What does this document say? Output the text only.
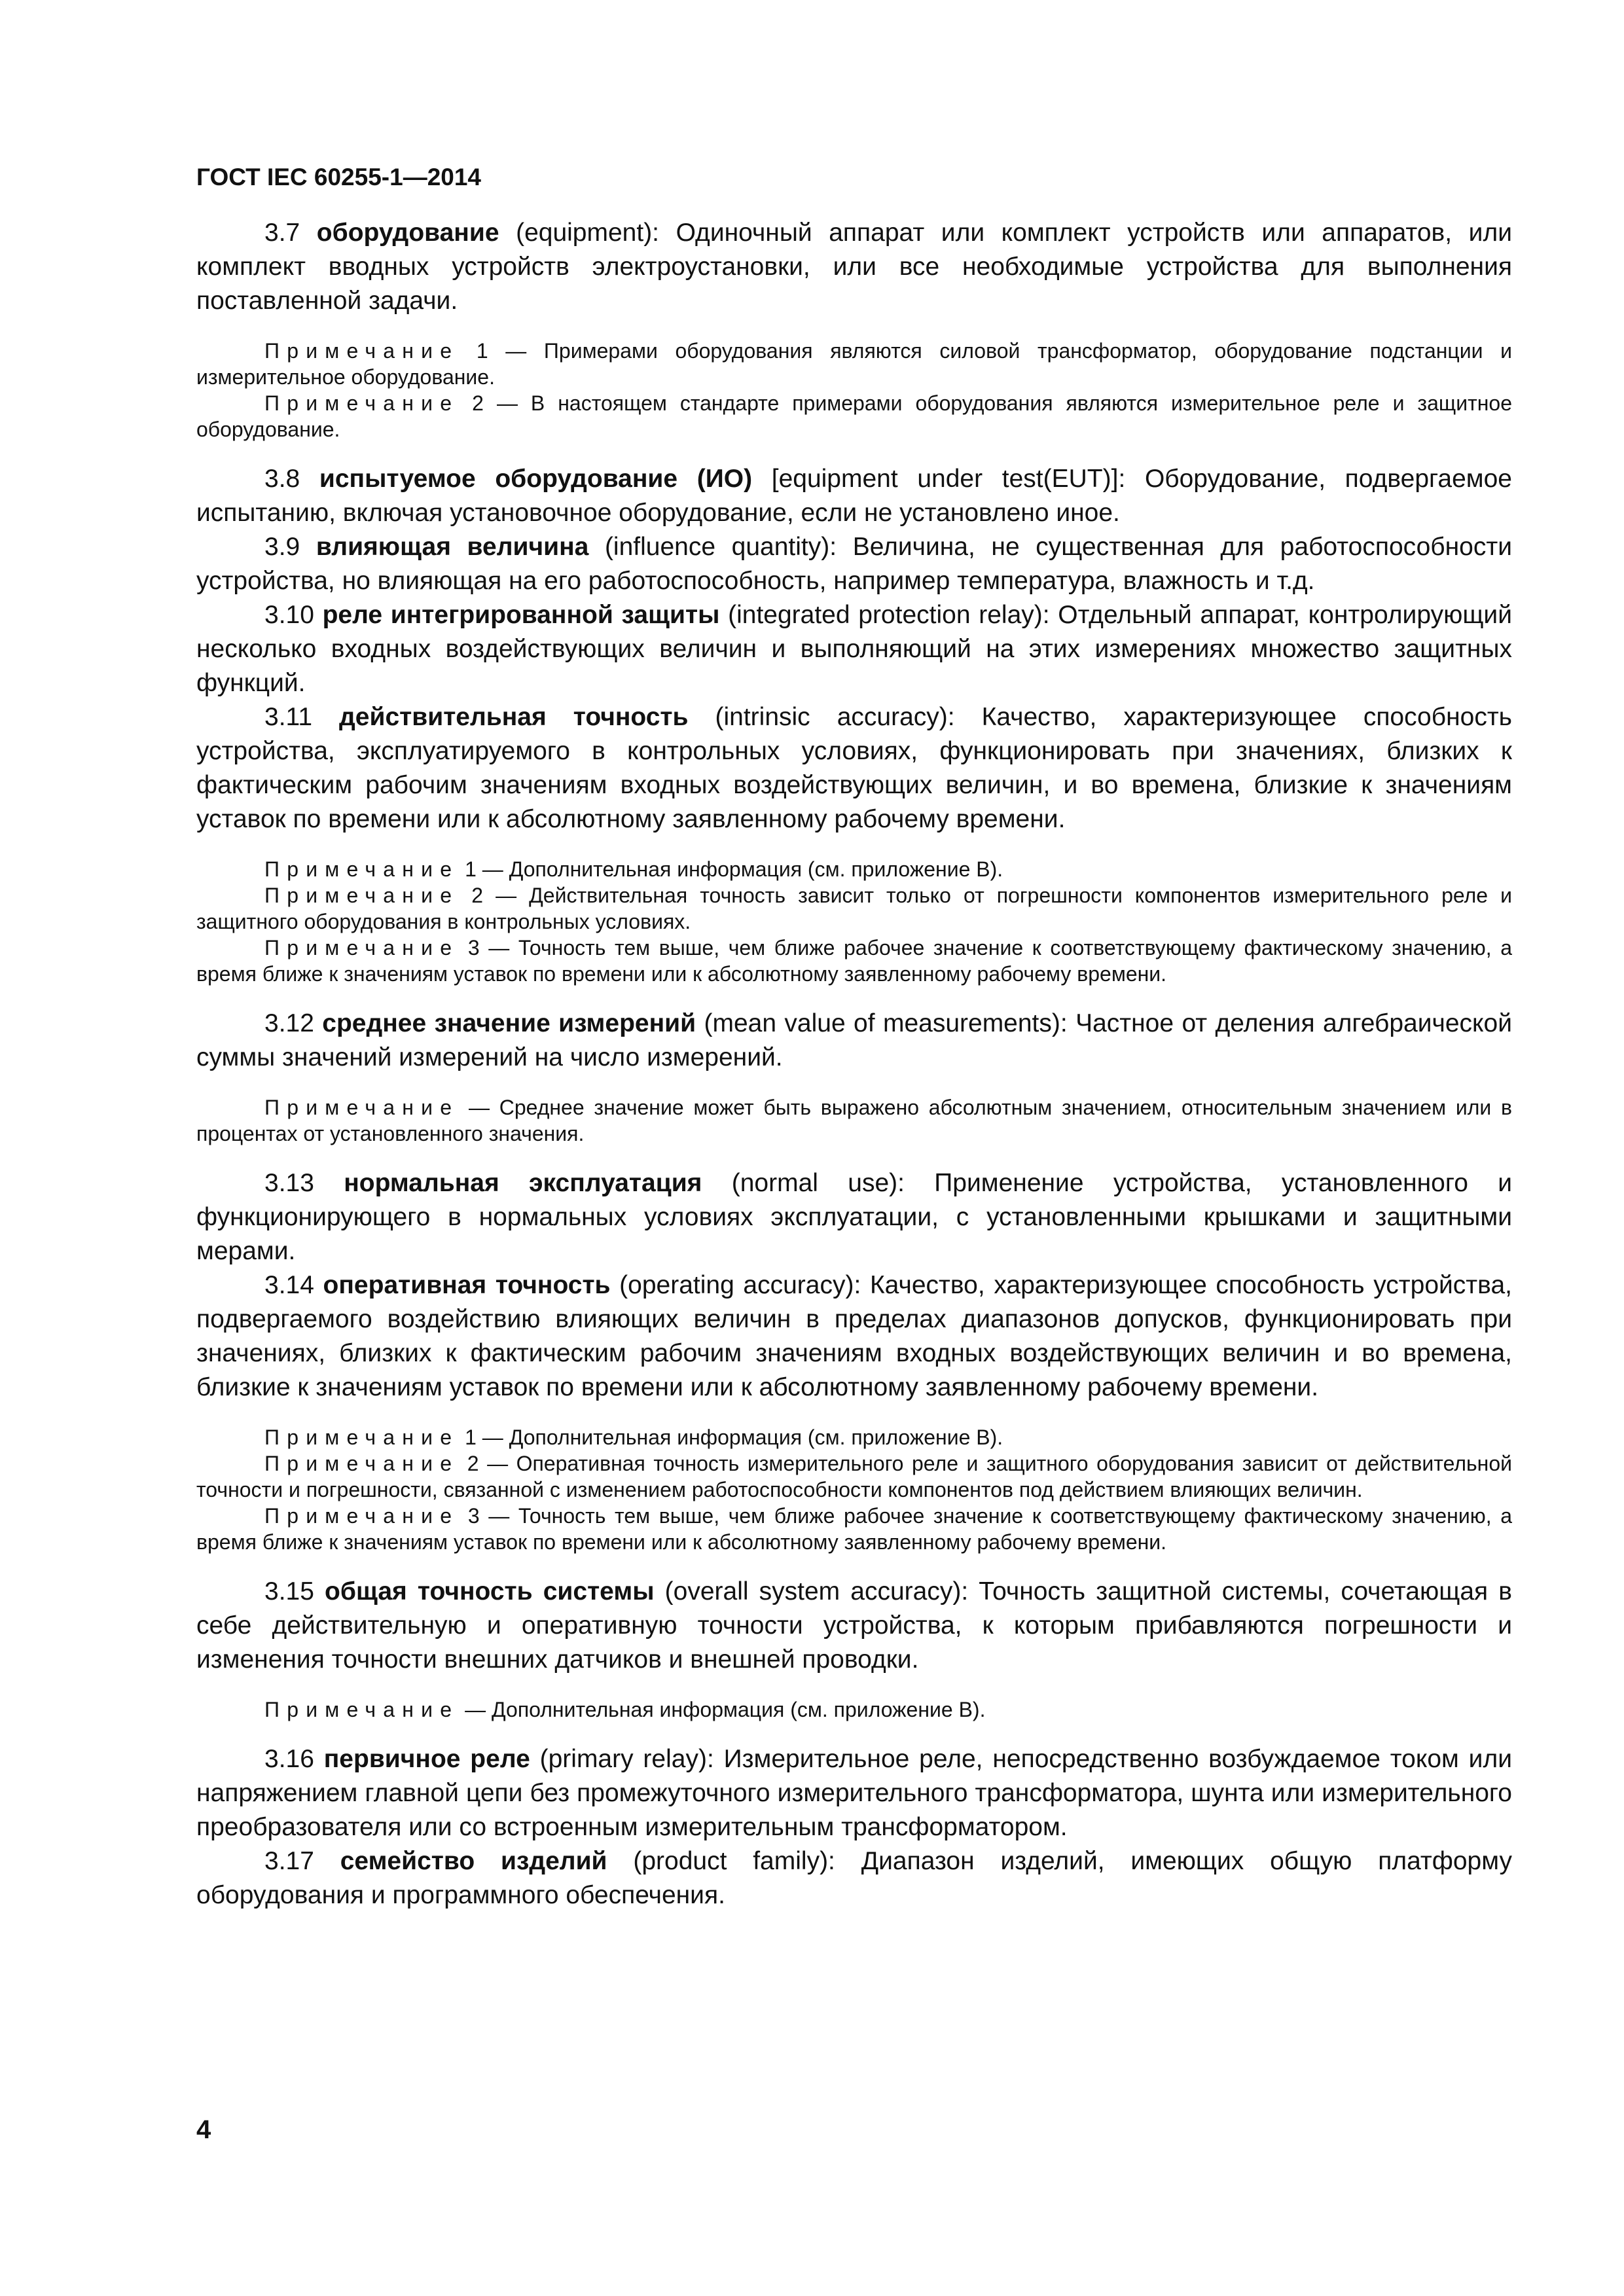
ГОСТ IEC 60255-1—2014

3.7 оборудование (equipment): Одиночный аппарат или комплект устройств или аппаратов, или комплект вводных устройств электроустановки, или все необходимые устройства для выполнения поставленной задачи.

Примечание 1 — Примерами оборудования являются силовой трансформатор, оборудование подстанции и измерительное оборудование.

Примечание 2 — В настоящем стандарте примерами оборудования являются измерительное реле и защитное оборудование.

3.8 испытуемое оборудование (ИО) [equipment under test(EUT)]: Оборудование, подвергаемое испытанию, включая установочное оборудование, если не установлено иное.

3.9 влияющая величина (influence quantity): Величина, не существенная для работоспособности устройства, но влияющая на его работоспособность, например температура, влажность и т.д.

3.10 реле интегрированной защиты (integrated protection relay): Отдельный аппарат, контролирующий несколько входных воздействующих величин и выполняющий на этих измерениях множество защитных функций.

3.11 действительная точность (intrinsic accuracy): Качество, характеризующее способность устройства, эксплуатируемого в контрольных условиях, функционировать при значениях, близких к фактическим рабочим значениям входных воздействующих величин, и во времена, близкие к значениям уставок по времени или к абсолютному заявленному рабочему времени.

Примечание 1 — Дополнительная информация (см. приложение В).

Примечание 2 — Действительная точность зависит только от погрешности компонентов измерительного реле и защитного оборудования в контрольных условиях.

Примечание 3 — Точность тем выше, чем ближе рабочее значение к соответствующему фактическому значению, а время ближе к значениям уставок по времени или к абсолютному заявленному рабочему времени.

3.12 среднее значение измерений (mean value of measurements): Частное от деления алгебраической суммы значений измерений на число измерений.

Примечание — Среднее значение может быть выражено абсолютным значением, относительным значением или в процентах от установленного значения.

3.13 нормальная эксплуатация (normal use): Применение устройства, установленного и функционирующего в нормальных условиях эксплуатации, с установленными крышками и защитными мерами.

3.14 оперативная точность (operating accuracy): Качество, характеризующее способность устройства, подвергаемого воздействию влияющих величин в пределах диапазонов допусков, функционировать при значениях, близких к фактическим рабочим значениям входных воздействующих величин и во времена, близкие к значениям уставок по времени или к абсолютному заявленному рабочему времени.

Примечание 1 — Дополнительная информация (см. приложение В).

Примечание 2 — Оперативная точность измерительного реле и защитного оборудования зависит от действительной точности и погрешности, связанной с изменением работоспособности компонентов под действием влияющих величин.

Примечание 3 — Точность тем выше, чем ближе рабочее значение к соответствующему фактическому значению, а время ближе к значениям уставок по времени или к абсолютному заявленному рабочему времени.

3.15 общая точность системы (overall system accuracy): Точность защитной системы, сочетающая в себе действительную и оперативную точности устройства, к которым прибавляются погрешности и изменения точности внешних датчиков и внешней проводки.

Примечание — Дополнительная информация (см. приложение В).

3.16 первичное реле (primary relay): Измерительное реле, непосредственно возбуждаемое током или напряжением главной цепи без промежуточного измерительного трансформатора, шунта или измерительного преобразователя или со встроенным измерительным трансформатором.

3.17 семейство изделий (product family): Диапазон изделий, имеющих общую платформу оборудования и программного обеспечения.

4
